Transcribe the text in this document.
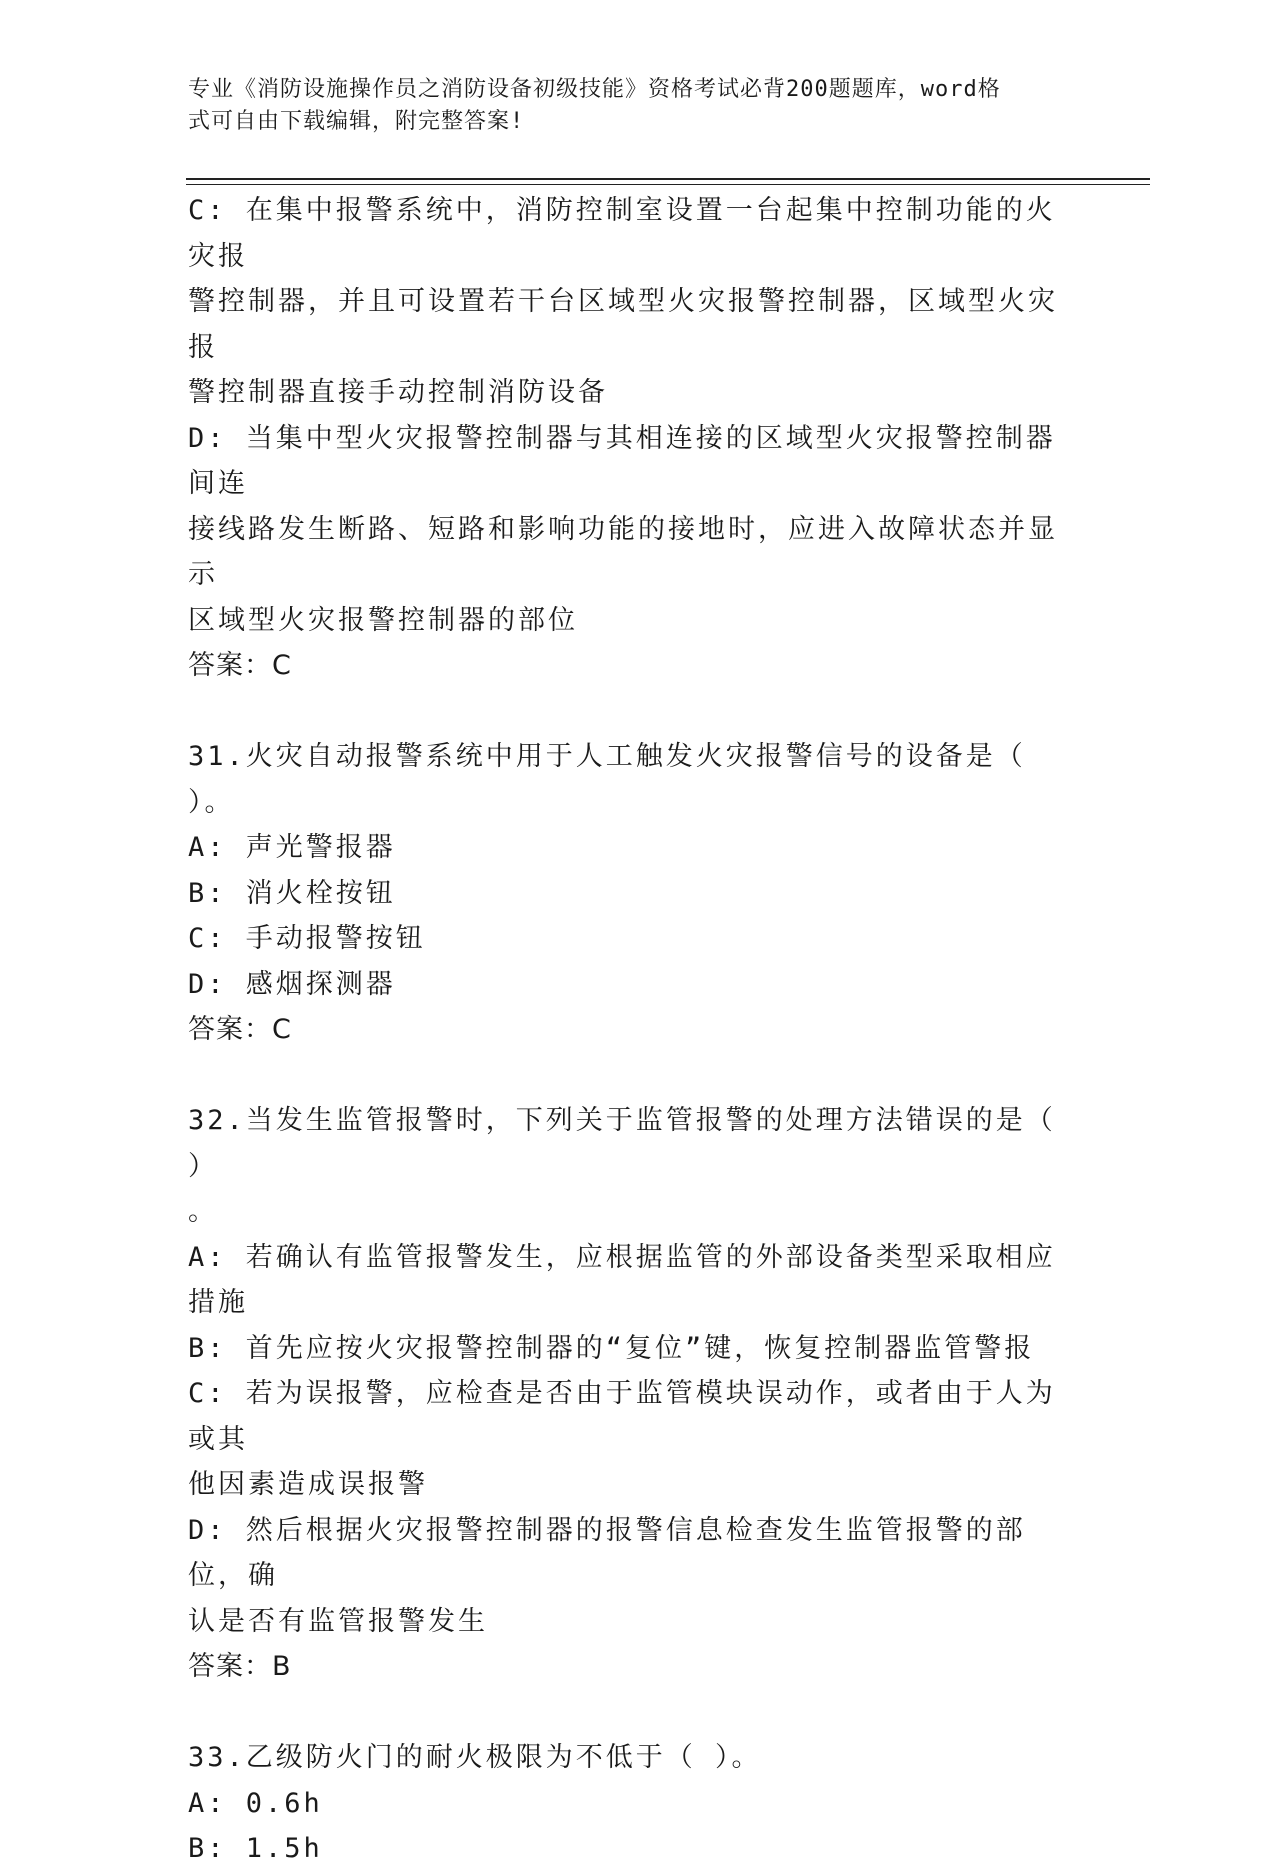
专业《消防设施操作员之消防设备初级技能》资格考试必背200题题库，word格
式可自由下载编辑，附完整答案!

C: 在集中报警系统中，消防控制室设置一台起集中控制功能的火灾报

警控制器，并且可设置若干台区域型火灾报警控制器，区域型火灾报

警控制器直接手动控制消防设备

D: 当集中型火灾报警控制器与其相连接的区域型火灾报警控制器间连

接线路发生断路、短路和影响功能的接地时，应进入故障状态并显示

区域型火灾报警控制器的部位

答案：C

31.火灾自动报警系统中用于人工触发火灾报警信号的设备是（ ）。

A: 声光警报器

B: 消火栓按钮

C: 手动报警按钮

D: 感烟探测器

答案：C

32.当发生监管报警时，下列关于监管报警的处理方法错误的是（ ）

。

A: 若确认有监管报警发生，应根据监管的外部设备类型采取相应措施

B: 首先应按火灾报警控制器的“复位”键，恢复控制器监管警报

C: 若为误报警，应检查是否由于监管模块误动作，或者由于人为或其

他因素造成误报警

D: 然后根据火灾报警控制器的报警信息检查发生监管报警的部位，确

认是否有监管报警发生

答案：B

33.乙级防火门的耐火极限为不低于（ ）。

A: 0.6h

B: 1.5h
